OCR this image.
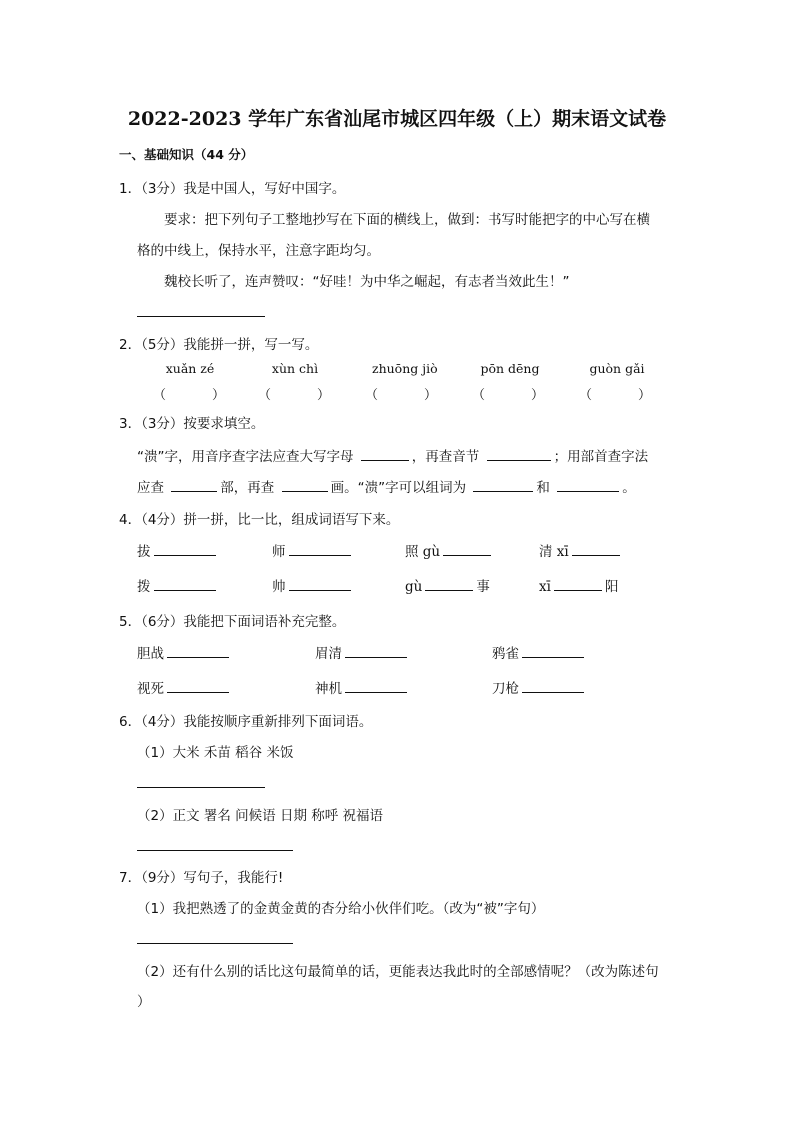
2022-2023 学年广东省汕尾市城区四年级（上）期末语文试卷
一、基础知识（44 分）
1．（3分）我是中国人，写好中国字。
要求：把下列句子工整地抄写在下面的横线上，做到：书写时能把字的中心写在横
格的中线上，保持水平，注意字距均匀。
魏校长听了，连声赞叹：“好哇！为中华之崛起，有志者当效此生！”
2．（5分）我能拼一拼，写一写。
xuǎn zé	xùn chì	zhuōng jiò	pōn dēng	guòn gǎi
（	）	（	）	（	）	（	）	（	）
3．（3分）按要求填空。
“溃”字，用音序查字法应查大写字母	，再查音节	；用部首查字法
应查	部，再查	画。“溃”字可以组词为	和	。
4．（4分）拼一拼，比一比，组成词语写下来。
拔	师	照 gù	清 xī
拨	帅	gù	事	xī	阳
5．（6分）我能把下面词语补充完整。
胆战	眉清	鸦雀
视死	神机	刀枪
6．（4分）我能按顺序重新排列下面词语。
（1）大米 禾苗 稻谷 米饭
（2）正文 署名 问候语 日期 称呼 祝福语
7．（9分）写句子，我能行!
（1）我把熟透了的金黄金黄的杏分给小伙伴们吃。（改为“被”字句）
（2）还有什么别的话比这句最简单的话，更能表达我此时的全部感情呢？（改为陈述句
）
